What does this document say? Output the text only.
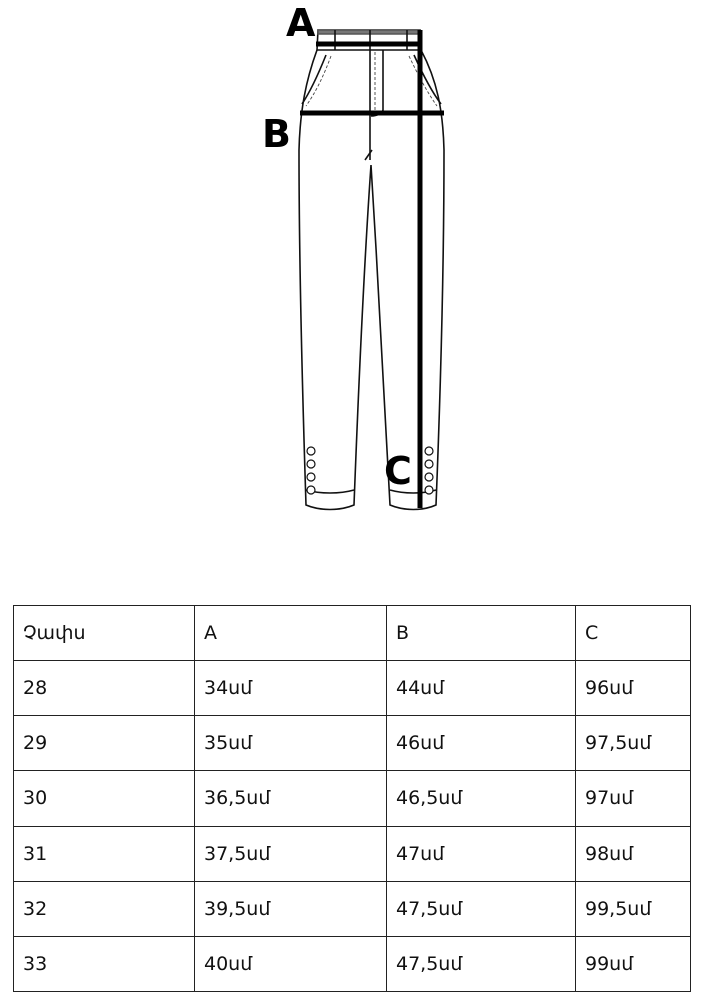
A
B
C
Չափս	A	B	C
28	34սմ	44սմ	96սմ
29	35սմ	46սմ	97,5սմ
30	36,5սմ	46,5սմ	97սմ
31	37,5սմ	47սմ	98սմ
32	39,5սմ	47,5սմ	99,5սմ
33	40սմ	47,5սմ	99սմ
